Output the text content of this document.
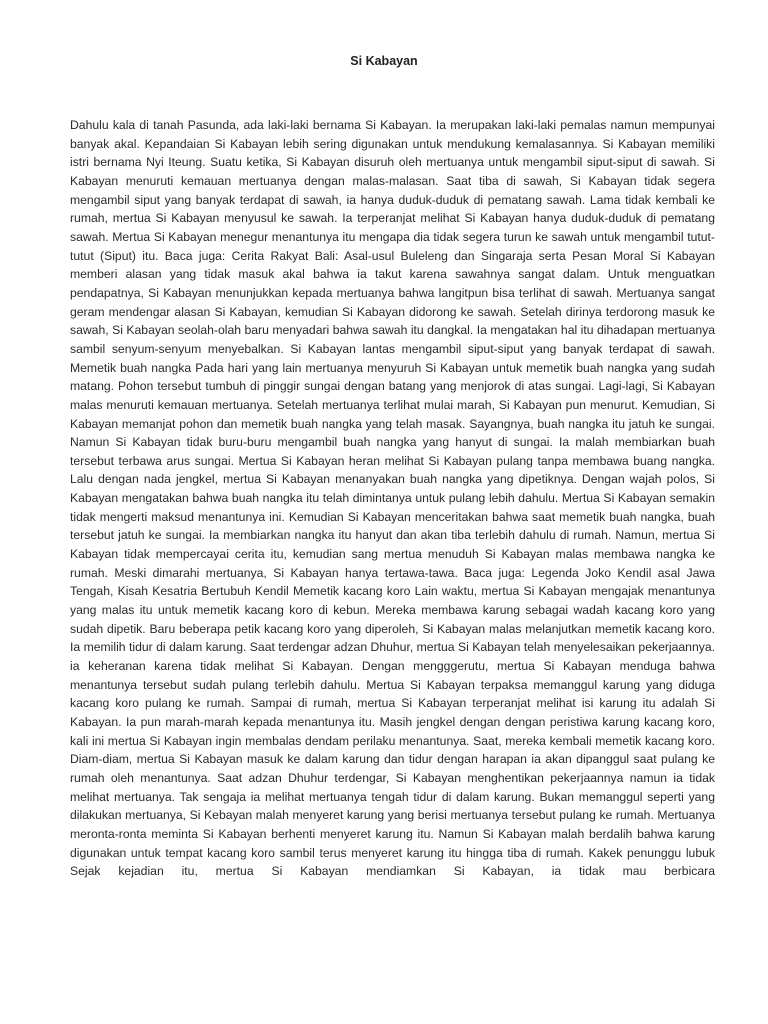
Si Kabayan

Dahulu kala di tanah Pasunda, ada laki-laki bernama Si Kabayan. Ia merupakan laki-laki pemalas namun mempunyai banyak akal. Kepandaian Si Kabayan lebih sering digunakan untuk mendukung kemalasannya. Si Kabayan memiliki istri bernama Nyi Iteung. Suatu ketika, Si Kabayan disuruh oleh mertuanya untuk mengambil siput-siput di sawah. Si Kabayan menuruti kemauan mertuanya dengan malas-malasan. Saat tiba di sawah, Si Kabayan tidak segera mengambil siput yang banyak terdapat di sawah, ia hanya duduk-duduk di pematang sawah. Lama tidak kembali ke rumah, mertua Si Kabayan menyusul ke sawah. Ia terperanjat melihat Si Kabayan hanya duduk-duduk di pematang sawah. Mertua Si Kabayan menegur menantunya itu mengapa dia tidak segera turun ke sawah untuk mengambil tutut-tutut (Siput) itu. Baca juga: Cerita Rakyat Bali: Asal-usul Buleleng dan Singaraja serta Pesan Moral Si Kabayan memberi alasan yang tidak masuk akal bahwa ia takut karena sawahnya sangat dalam. Untuk menguatkan pendapatnya, Si Kabayan menunjukkan kepada mertuanya bahwa langitpun bisa terlihat di sawah. Mertuanya sangat geram mendengar alasan Si Kabayan, kemudian Si Kabayan didorong ke sawah. Setelah dirinya terdorong masuk ke sawah, Si Kabayan seolah-olah baru menyadari bahwa sawah itu dangkal. Ia mengatakan hal itu dihadapan mertuanya sambil senyum-senyum menyebalkan. Si Kabayan lantas mengambil siput-siput yang banyak terdapat di sawah. Memetik buah nangka Pada hari yang lain mertuanya menyuruh Si Kabayan untuk memetik buah nangka yang sudah matang. Pohon tersebut tumbuh di pinggir sungai dengan batang yang menjorok di atas sungai. Lagi-lagi, Si Kabayan malas menuruti kemauan mertuanya. Setelah mertuanya terlihat mulai marah, Si Kabayan pun menurut. Kemudian, Si Kabayan memanjat pohon dan memetik buah nangka yang telah masak. Sayangnya, buah nangka itu jatuh ke sungai. Namun Si Kabayan tidak buru-buru mengambil buah nangka yang hanyut di sungai. Ia malah membiarkan buah tersebut terbawa arus sungai. Mertua Si Kabayan heran melihat Si Kabayan pulang tanpa membawa buang nangka. Lalu dengan nada jengkel, mertua Si Kabayan menanyakan buah nangka yang dipetiknya. Dengan wajah polos, Si Kabayan mengatakan bahwa buah nangka itu telah dimintanya untuk pulang lebih dahulu. Mertua Si Kabayan semakin tidak mengerti maksud menantunya ini. Kemudian Si Kabayan menceritakan bahwa saat memetik buah nangka, buah tersebut jatuh ke sungai. Ia membiarkan nangka itu hanyut dan akan tiba terlebih dahulu di rumah. Namun, mertua Si Kabayan tidak mempercayai cerita itu, kemudian sang mertua menuduh Si Kabayan malas membawa nangka ke rumah. Meski dimarahi mertuanya, Si Kabayan hanya tertawa-tawa. Baca juga: Legenda Joko Kendil asal Jawa Tengah, Kisah Kesatria Bertubuh Kendil Memetik kacang koro Lain waktu, mertua Si Kabayan mengajak menantunya yang malas itu untuk memetik kacang koro di kebun. Mereka membawa karung sebagai wadah kacang koro yang sudah dipetik. Baru beberapa petik kacang koro yang diperoleh, Si Kabayan malas melanjutkan memetik kacang koro. Ia memilih tidur di dalam karung. Saat terdengar adzan Dhuhur, mertua Si Kabayan telah menyelesaikan pekerjaannya. ia keheranan karena tidak melihat Si Kabayan. Dengan mengggerutu, mertua Si Kabayan menduga bahwa menantunya tersebut sudah pulang terlebih dahulu. Mertua Si Kabayan terpaksa memanggul karung yang diduga kacang koro pulang ke rumah. Sampai di rumah, mertua Si Kabayan terperanjat melihat isi karung itu adalah Si Kabayan. Ia pun marah-marah kepada menantunya itu. Masih jengkel dengan dengan peristiwa karung kacang koro, kali ini mertua Si Kabayan ingin membalas dendam perilaku menantunya. Saat, mereka kembali memetik kacang koro. Diam-diam, mertua Si Kabayan masuk ke dalam karung dan tidur dengan harapan ia akan dipanggul saat pulang ke rumah oleh menantunya. Saat adzan Dhuhur terdengar, Si Kabayan menghentikan pekerjaannya namun ia tidak melihat mertuanya. Tak sengaja ia melihat mertuanya tengah tidur di dalam karung. Bukan memanggul seperti yang dilakukan mertuanya, Si Kebayan malah menyeret karung yang berisi mertuanya tersebut pulang ke rumah. Mertuanya meronta-ronta meminta Si Kabayan berhenti menyeret karung itu. Namun Si Kabayan malah berdalih bahwa karung digunakan untuk tempat kacang koro sambil terus menyeret karung itu hingga tiba di rumah. Kakek penunggu lubuk Sejak kejadian itu, mertua Si Kabayan mendiamkan Si Kabayan, ia tidak mau berbicara
